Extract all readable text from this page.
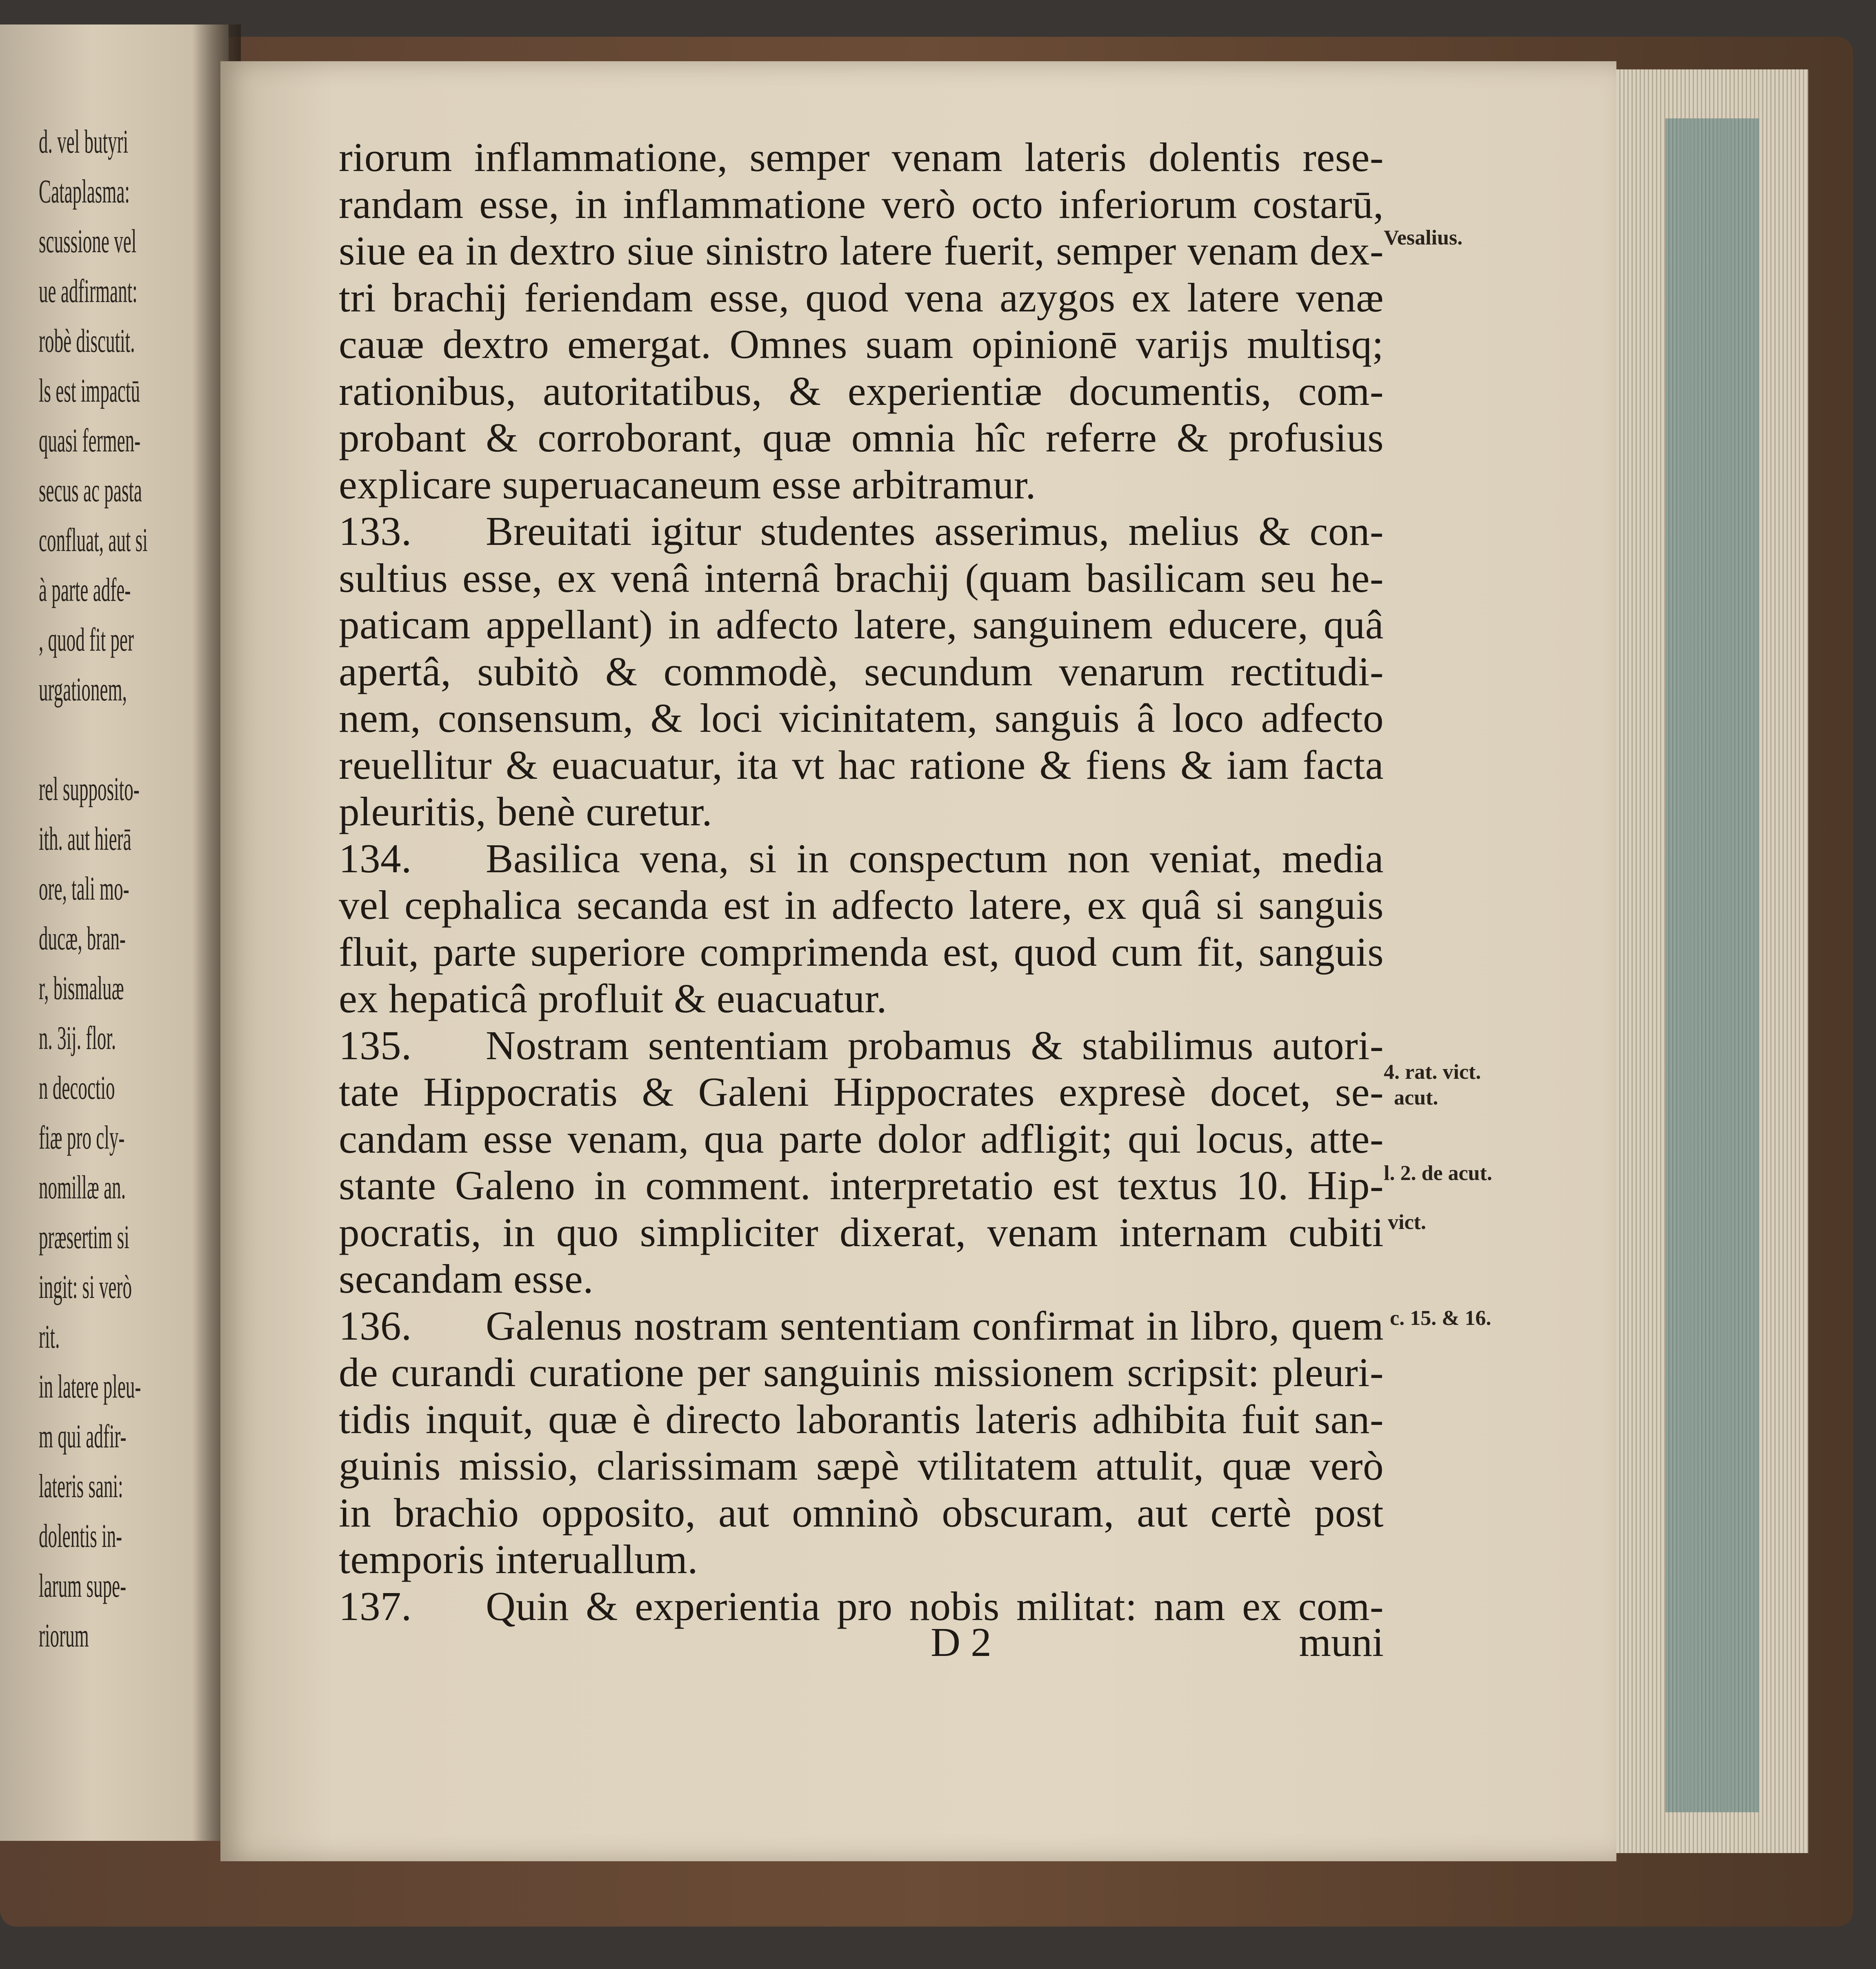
d. vel butyri
Cataplasma:
scussione vel
ue adfirmant:
robè discutit.
ls est impactū
quasi fermen-
secus ac pasta
confluat, aut si
à parte adfe-
, quod fit per
urgationem,
rel supposito-
ith. aut hierā
ore, tali mo-
ducæ, bran-
r, bismaluæ
n. 3ij. flor.
n decoctio
fiæ pro cly-
nomillæ an.
præsertim si
ingit: si verò
rit.
in latere pleu-
m qui adfir-
lateris sani:
dolentis in-
larum supe-
riorum
riorum inflammatione, semper venam lateris dolentis rese-
randam esse, in inflammatione verò octo inferiorum costarū,
siue ea in dextro siue sinistro latere fuerit, semper venam dex-
tri brachij feriendam esse, quod vena azygos ex latere venæ
cauæ dextro emergat. Omnes suam opinionē varijs multisq;
rationibus, autoritatibus, & experientiæ documentis, com-
probant & corroborant, quæ omnia hîc referre & profusius
explicare superuacaneum esse arbitramur.
133. Breuitati igitur studentes asserimus, melius & con-
sultius esse, ex venâ internâ brachij (quam basilicam seu he-
paticam appellant) in adfecto latere, sanguinem educere, quâ
apertâ, subitò & commodè, secundum venarum rectitudi-
nem, consensum, & loci vicinitatem, sanguis â loco adfecto
reuellitur & euacuatur, ita vt hac ratione & fiens & iam facta
pleuritis, benè curetur.
134. Basilica vena, si in conspectum non veniat, media
vel cephalica secanda est in adfecto latere, ex quâ si sanguis
fluit, parte superiore comprimenda est, quod cum fit, sanguis
ex hepaticâ profluit & euacuatur.
135. Nostram sententiam probamus & stabilimus autori-
tate Hippocratis & Galeni Hippocrates expresè docet, se-
candam esse venam, qua parte dolor adfligit; qui locus, atte-
stante Galeno in comment. interpretatio est textus 10. Hip-
pocratis, in quo simpliciter dixerat, venam internam cubiti
secandam esse.
136. Galenus nostram sententiam confirmat in libro, quem
de curandi curatione per sanguinis missionem scripsit: pleuri-
tidis inquit, quæ è directo laborantis lateris adhibita fuit san-
guinis missio, clarissimam sæpè vtilitatem attulit, quæ verò
in brachio opposito, aut omninò obscuram, aut certè post
temporis interuallum.
137. Quin & experientia pro nobis militat: nam ex com-
Vesalius.
4. rat. vict.
acut.
l. 2. de acut.
vict.
c. 15. & 16.
D 2	muni
